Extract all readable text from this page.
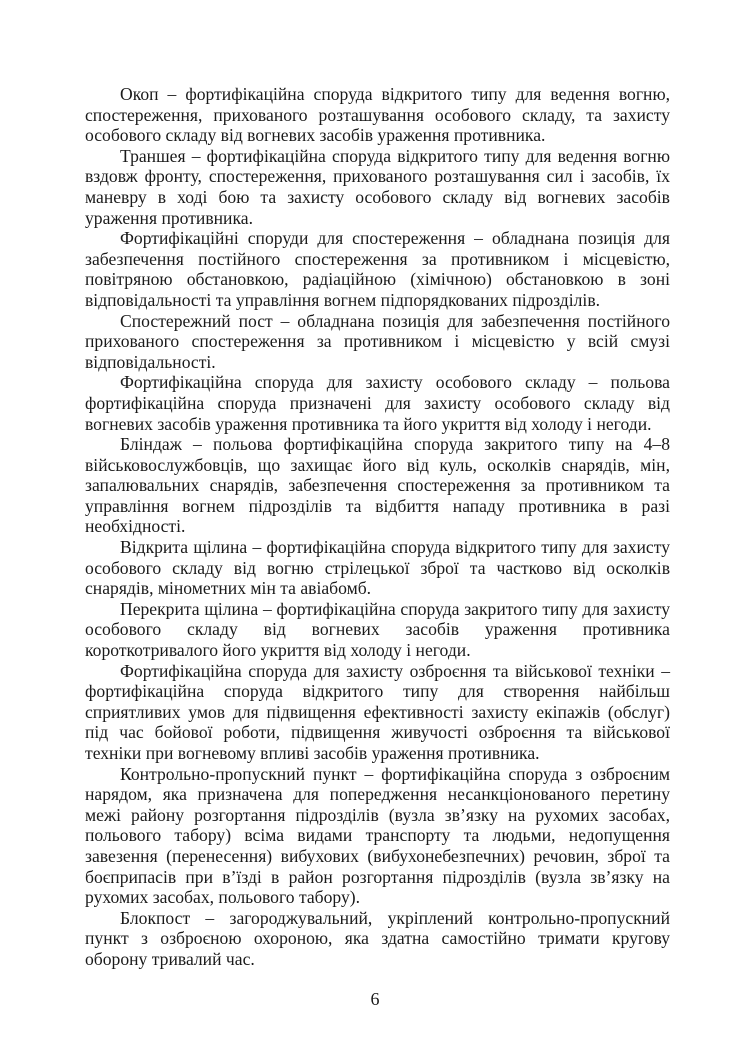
Окоп – фортифікаційна споруда відкритого типу для ведення вогню, спостереження, прихованого розташування особового складу, та захисту особового складу від вогневих засобів ураження противника.

Траншея – фортифікаційна споруда відкритого типу для ведення вогню вздовж фронту, спостереження, прихованого розташування сил і засобів, їх маневру в ході бою та захисту особового складу від вогневих засобів ураження противника.

Фортифікаційні споруди для спостереження – обладнана позиція для забезпечення постійного спостереження за противником і місцевістю, повітряною обстановкою, радіаційною (хімічною) обстановкою в зоні відповідальності та управління вогнем підпорядкованих підрозділів.

Спостережний пост – обладнана позиція для забезпечення постійного прихованого спостереження за противником і місцевістю у всій смузі відповідальності.

Фортифікаційна споруда для захисту особового складу – польова фортифікаційна споруда призначені для захисту особового складу від вогневих засобів ураження противника та його укриття від холоду і негоди.

Бліндаж – польова фортифікаційна споруда закритого типу на 4–8 військовослужбовців, що захищає його від куль, осколків снарядів, мін, запалювальних снарядів, забезпечення спостереження за противником та управління вогнем підрозділів та відбиття нападу противника в разі необхідності.

Відкрита щілина – фортифікаційна споруда відкритого типу для захисту особового складу від вогню стрілецької зброї та частково від осколків снарядів, мінометних мін та авіабомб.

Перекрита щілина – фортифікаційна споруда закритого типу для захисту особового складу від вогневих засобів ураження противника короткотривалого його укриття від холоду і негоди.

Фортифікаційна споруда для захисту озброєння та військової техніки – фортифікаційна споруда відкритого типу для створення найбільш сприятливих умов для підвищення ефективності захисту екіпажів (обслуг) під час бойової роботи, підвищення живучості озброєння та військової техніки при вогневому впливі засобів ураження противника.

Контрольно-пропускний пункт – фортифікаційна споруда з озброєним нарядом, яка призначена для попередження несанкціонованого перетину межі району розгортання підрозділів (вузла зв’язку на рухомих засобах, польового табору) всіма видами транспорту та людьми, недопущення завезення (перенесення) вибухових (вибухонебезпечних) речовин, зброї та боєприпасів при в’їзді в район розгортання підрозділів (вузла зв’язку на рухомих засобах, польового табору).

Блокпост – загороджувальний, укріплений контрольно-пропускний пункт з озброєною охороною, яка здатна самостійно тримати кругову оборону тривалий час.

6
